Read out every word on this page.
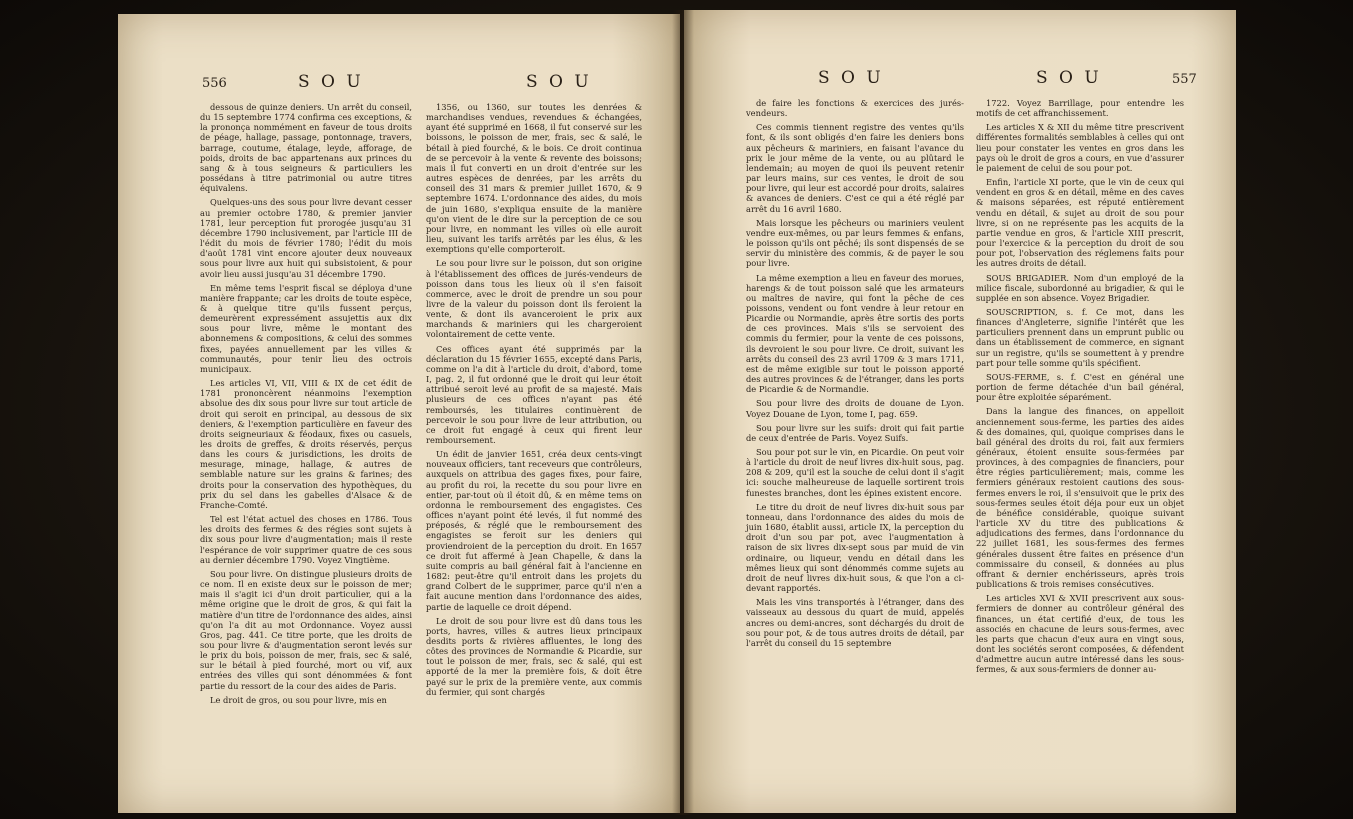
556	S O U	S O U

dessous de quinze deniers. Un arrêt du conseil, du 15 septembre 1774 confirma ces exceptions, & la prononça nommément en faveur de tous droits de péage, hallage, passage, pontonnage, travers, barrage, coutume, étalage, leyde, afforage, de poids, droits de bac appartenans aux princes du sang & à tous seigneurs & particuliers les possédans à titre patrimonial ou autre titres équivalens.

Quelques-uns des sous pour livre devant cesser au premier octobre 1780, & premier janvier 1781, leur perception fut prorogée jusqu'au 31 décembre 1790 inclusivement, par l'article III de l'édit du mois de février 1780; l'édit du mois d'août 1781 vint encore ajouter deux nouveaux sous pour livre aux huit qui subsistoient, & pour avoir lieu aussi jusqu'au 31 décembre 1790.

En même tems l'esprit fiscal se déploya d'une manière frappante; car les droits de toute espèce, & à quelque titre qu'ils fussent perçus, demeurèrent expressément assujettis aux dix sous pour livre, même le montant des abonnemens & compositions, & celui des sommes fixes, payées annuellement par les villes & communautés, pour tenir lieu des octrois municipaux.

Les articles VI, VII, VIII & IX de cet édit de 1781 prononcèrent néanmoins l'exemption absolue des dix sous pour livre sur tout article de droit qui seroit en principal, au dessous de six deniers, & l'exemption particulière en faveur des droits seigneuriaux & féodaux, fixes ou casuels, les droits de greffes, & droits réservés, perçus dans les cours & jurisdictions, les droits de mesurage, minage, hallage, & autres de semblable nature sur les grains & farines; des droits pour la conservation des hypothèques, du prix du sel dans les gabelles d'Alsace & de Franche-Comté.

Tel est l'état actuel des choses en 1786. Tous les droits des fermes & des régies sont sujets à dix sous pour livre d'augmentation; mais il reste l'espérance de voir supprimer quatre de ces sous au dernier décembre 1790. Voyez Vingtième.

Sou pour livre. On distingue plusieurs droits de ce nom. Il en existe deux sur le poisson de mer; mais il s'agit ici d'un droit particulier, qui a la même origine que le droit de gros, & qui fait la matière d'un titre de l'ordonnance des aides, ainsi qu'on l'a dit au mot Ordonnance. Voyez aussi Gros, pag. 441. Ce titre porte, que les droits de sou pour livre & d'augmentation seront levés sur le prix du bois, poisson de mer, frais, sec & salé, sur le bétail à pied fourché, mort ou vif, aux entrées des villes qui sont dénommées & font partie du ressort de la cour des aides de Paris.

Le droit de gros, ou sou pour livre, mis en

1356, ou 1360, sur toutes les denrées & marchandises vendues, revendues & échangées, ayant été supprimé en 1668, il fut conservé sur les boissons, le poisson de mer, frais, sec & salé, le bétail à pied fourché, & le bois. Ce droit continua de se percevoir à la vente & revente des boissons; mais il fut converti en un droit d'entrée sur les autres espèces de denrées, par les arrêts du conseil des 31 mars & premier juillet 1670, & 9 septembre 1674. L'ordonnance des aides, du mois de juin 1680, s'expliqua ensuite de la manière qu'on vient de le dire sur la perception de ce sou pour livre, en nommant les villes où elle auroit lieu, suivant les tarifs arrêtés par les élus, & les exemptions qu'elle comporteroit.

Le sou pour livre sur le poisson, dut son origine à l'établissement des offices de jurés-vendeurs de poisson dans tous les lieux où il s'en faisoit commerce, avec le droit de prendre un sou pour livre de la valeur du poisson dont ils feroient la vente, & dont ils avanceroient le prix aux marchands & mariniers qui les chargeroient volontairement de cette vente.

Ces offices ayant été supprimés par la déclaration du 15 février 1655, excepté dans Paris, comme on l'a dit à l'article du droit, d'abord, tome I, pag. 2, il fut ordonné que le droit qui leur étoit attribué seroit levé au profit de sa majesté. Mais plusieurs de ces offices n'ayant pas été remboursés, les titulaires continuèrent de percevoir le sou pour livre de leur attribution, ou ce droit fut engagé à ceux qui firent leur remboursement.

Un édit de janvier 1651, créa deux cents-vingt nouveaux officiers, tant receveurs que contrôleurs, auxquels on attribua des gages fixes, pour faire, au profit du roi, la recette du sou pour livre en entier, par-tout où il étoit dû, & en même tems on ordonna le remboursement des engagistes. Ces offices n'ayant point été levés, il fut nommé des préposés, & réglé que le remboursement des engagistes se feroit sur les deniers qui proviendroient de la perception du droit. En 1657 ce droit fut affermé à Jean Chapelle, & dans la suite compris au bail général fait à l'ancienne en 1682: peut-être qu'il entroit dans les projets du grand Colbert de le supprimer, parce qu'il n'en a fait aucune mention dans l'ordonnance des aides, partie de laquelle ce droit dépend.

Le droit de sou pour livre est dû dans tous les ports, havres, villes & autres lieux principaux desdits ports & rivières affluentes, le long des côtes des provinces de Normandie & Picardie, sur tout le poisson de mer, frais, sec & salé, qui est apporté de la mer la première fois, & doit être payé sur le prix de la première vente, aux commis du fermier, qui sont chargés

S O U	S O U	557

de faire les fonctions & exercices des jurés-vendeurs.

Ces commis tiennent registre des ventes qu'ils font, & ils sont obligés d'en faire les deniers bons aux pêcheurs & mariniers, en faisant l'avance du prix le jour même de la vente, ou au plûtard le lendemain; au moyen de quoi ils peuvent retenir par leurs mains, sur ces ventes, le droit de sou pour livre, qui leur est accordé pour droits, salaires & avances de deniers. C'est ce qui a été réglé par arrêt du 16 avril 1680.

Mais lorsque les pêcheurs ou mariniers veulent vendre eux-mêmes, ou par leurs femmes & enfans, le poisson qu'ils ont pêché; ils sont dispensés de se servir du ministère des commis, & de payer le sou pour livre.

La même exemption a lieu en faveur des morues, harengs & de tout poisson salé que les armateurs ou maîtres de navire, qui font la pêche de ces poissons, vendent ou font vendre à leur retour en Picardie ou Normandie, après être sortis des ports de ces provinces. Mais s'ils se servoient des commis du fermier, pour la vente de ces poissons, ils devroient le sou pour livre. Ce droit, suivant les arrêts du conseil des 23 avril 1709 & 3 mars 1711, est de même exigible sur tout le poisson apporté des autres provinces & de l'étranger, dans les ports de Picardie & de Normandie.

Sou pour livre des droits de douane de Lyon. Voyez Douane de Lyon, tome I, pag. 659.

Sou pour livre sur les suifs: droit qui fait partie de ceux d'entrée de Paris. Voyez Suifs.

Sou pour pot sur le vin, en Picardie. On peut voir à l'article du droit de neuf livres dix-huit sous, pag. 208 & 209, qu'il est la souche de celui dont il s'agit ici: souche malheureuse de laquelle sortirent trois funestes branches, dont les épines existent encore.

Le titre du droit de neuf livres dix-huit sous par tonneau, dans l'ordonnance des aides du mois de juin 1680, établit aussi, article IX, la perception du droit d'un sou par pot, avec l'augmentation à raison de six livres dix-sept sous par muid de vin ordinaire, ou liqueur, vendu en détail dans les mêmes lieux qui sont dénommés comme sujets au droit de neuf livres dix-huit sous, & que l'on a ci-devant rapportés.

Mais les vins transportés à l'étranger, dans des vaisseaux au dessous du quart de muid, appelés ancres ou demi-ancres, sont déchargés du droit de sou pour pot, & de tous autres droits de détail, par l'arrêt du conseil du 15 septembre

1722. Voyez Barrillage, pour entendre les motifs de cet affranchissement.

Les articles X & XII du même titre prescrivent différentes formalités semblables à celles qui ont lieu pour constater les ventes en gros dans les pays où le droit de gros a cours, en vue d'assurer le paiement de celui de sou pour pot.

Enfin, l'article XI porte, que le vin de ceux qui vendent en gros & en détail, même en des caves & maisons séparées, est réputé entièrement vendu en détail, & sujet au droit de sou pour livre, si on ne représente pas les acquits de la partie vendue en gros, & l'article XIII prescrit, pour l'exercice & la perception du droit de sou pour pot, l'observation des réglemens faits pour les autres droits de détail.

SOUS BRIGADIER. Nom d'un employé de la milice fiscale, subordonné au brigadier, & qui le supplée en son absence. Voyez Brigadier.

SOUSCRIPTION, s. f. Ce mot, dans les finances d'Angleterre, signifie l'intérêt que les particuliers prennent dans un emprunt public ou dans un établissement de commerce, en signant sur un registre, qu'ils se soumettent à y prendre part pour telle somme qu'ils spécifient.

SOUS-FERME, s. f. C'est en général une portion de ferme détachée d'un bail général, pour être exploitée séparément.

Dans la langue des finances, on appelloit anciennement sous-ferme, les parties des aides & des domaines, qui, quoique comprises dans le bail général des droits du roi, fait aux fermiers généraux, étoient ensuite sous-fermées par provinces, à des compagnies de financiers, pour être régies particulièrement; mais, comme les fermiers généraux restoient cautions des sous-fermes envers le roi, il s'ensuivoit que le prix des sous-fermes seules étoit déja pour eux un objet de bénéfice considérable, quoique suivant l'article XV du titre des publications & adjudications des fermes, dans l'ordonnance du 22 juillet 1681, les sous-fermes des fermes générales dussent être faites en présence d'un commissaire du conseil, & données au plus offrant & dernier enchérisseurs, après trois publications & trois remises consécutives.

Les articles XVI & XVII prescrivent aux sous-fermiers de donner au contrôleur général des finances, un état certifié d'eux, de tous les associés en chacune de leurs sous-fermes, avec les parts que chacun d'eux aura en vingt sous, dont les sociétés seront composées, & défendent d'admettre aucun autre intéressé dans les sous-fermes, & aux sous-fermiers de donner au-
